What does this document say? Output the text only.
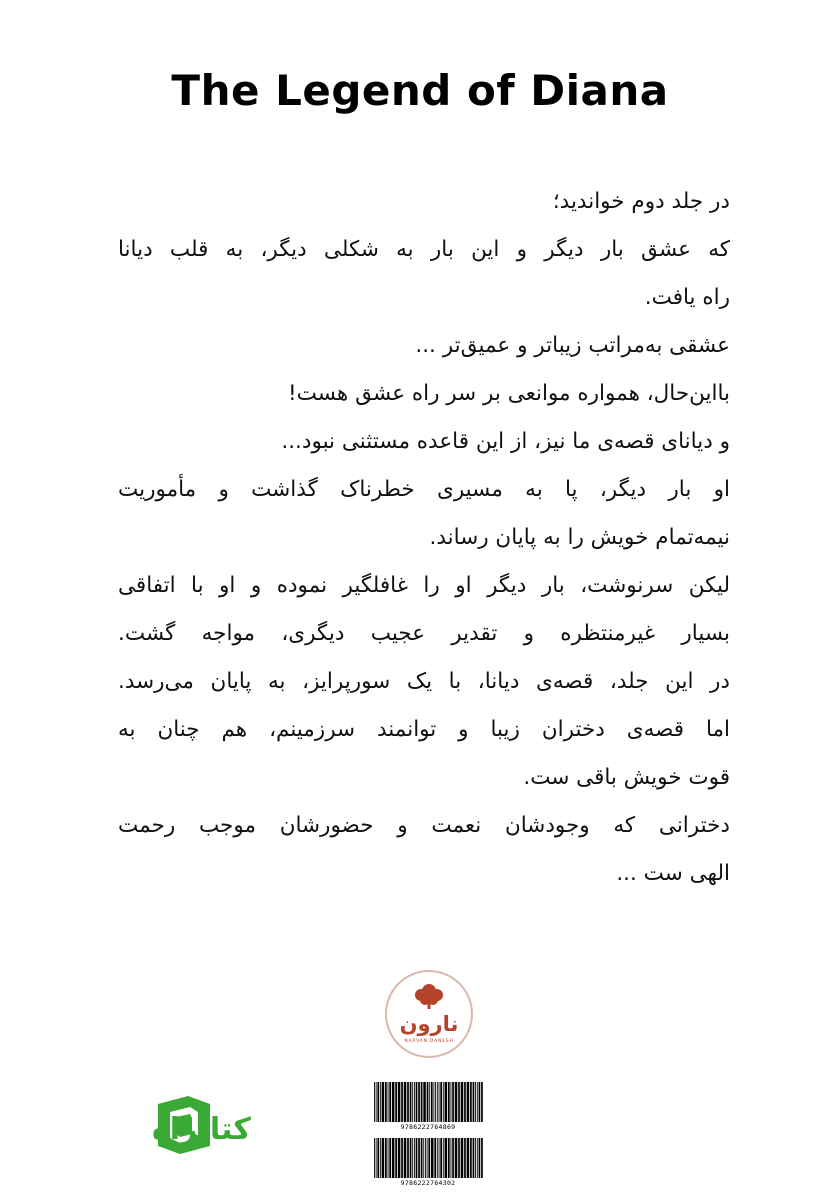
The Legend of Diana
در جلد دوم خواندید؛
که عشق بار دیگر و این بار به شکلی دیگر، به قلب دیانا
راه یافت.
عشقی به‌مراتب زیباتر و عمیق‌تر ...
بااین‌حال، همواره موانعی بر سر راه عشق هست!
و دیانای قصه‌ی ما نیز، از این قاعده مستثنی نبود...
او بار دیگر، پا به مسیری خطرناک گذاشت و مأموریت
نیمه‌تمام خویش را به پایان رساند.
لیکن سرنوشت، بار دیگر او را غافلگیر نموده و او با اتفاقی
بسیار غیرمنتظره و تقدیر عجیب دیگری، مواجه گشت.
در این جلد، قصه‌ی دیانا، با یک سورپرایز، به پایان می‌رسد.
اما قصه‌ی دختران زیبا و توانمند سرزمینم، هم چنان به
قوت خویش باقی ست.
دخترانی که وجودشان نعمت و حضورشان موجب رحمت
الهی ست ...
نارون
NARVAN DANESH
کتابراه	9786222764869
9786222764302
